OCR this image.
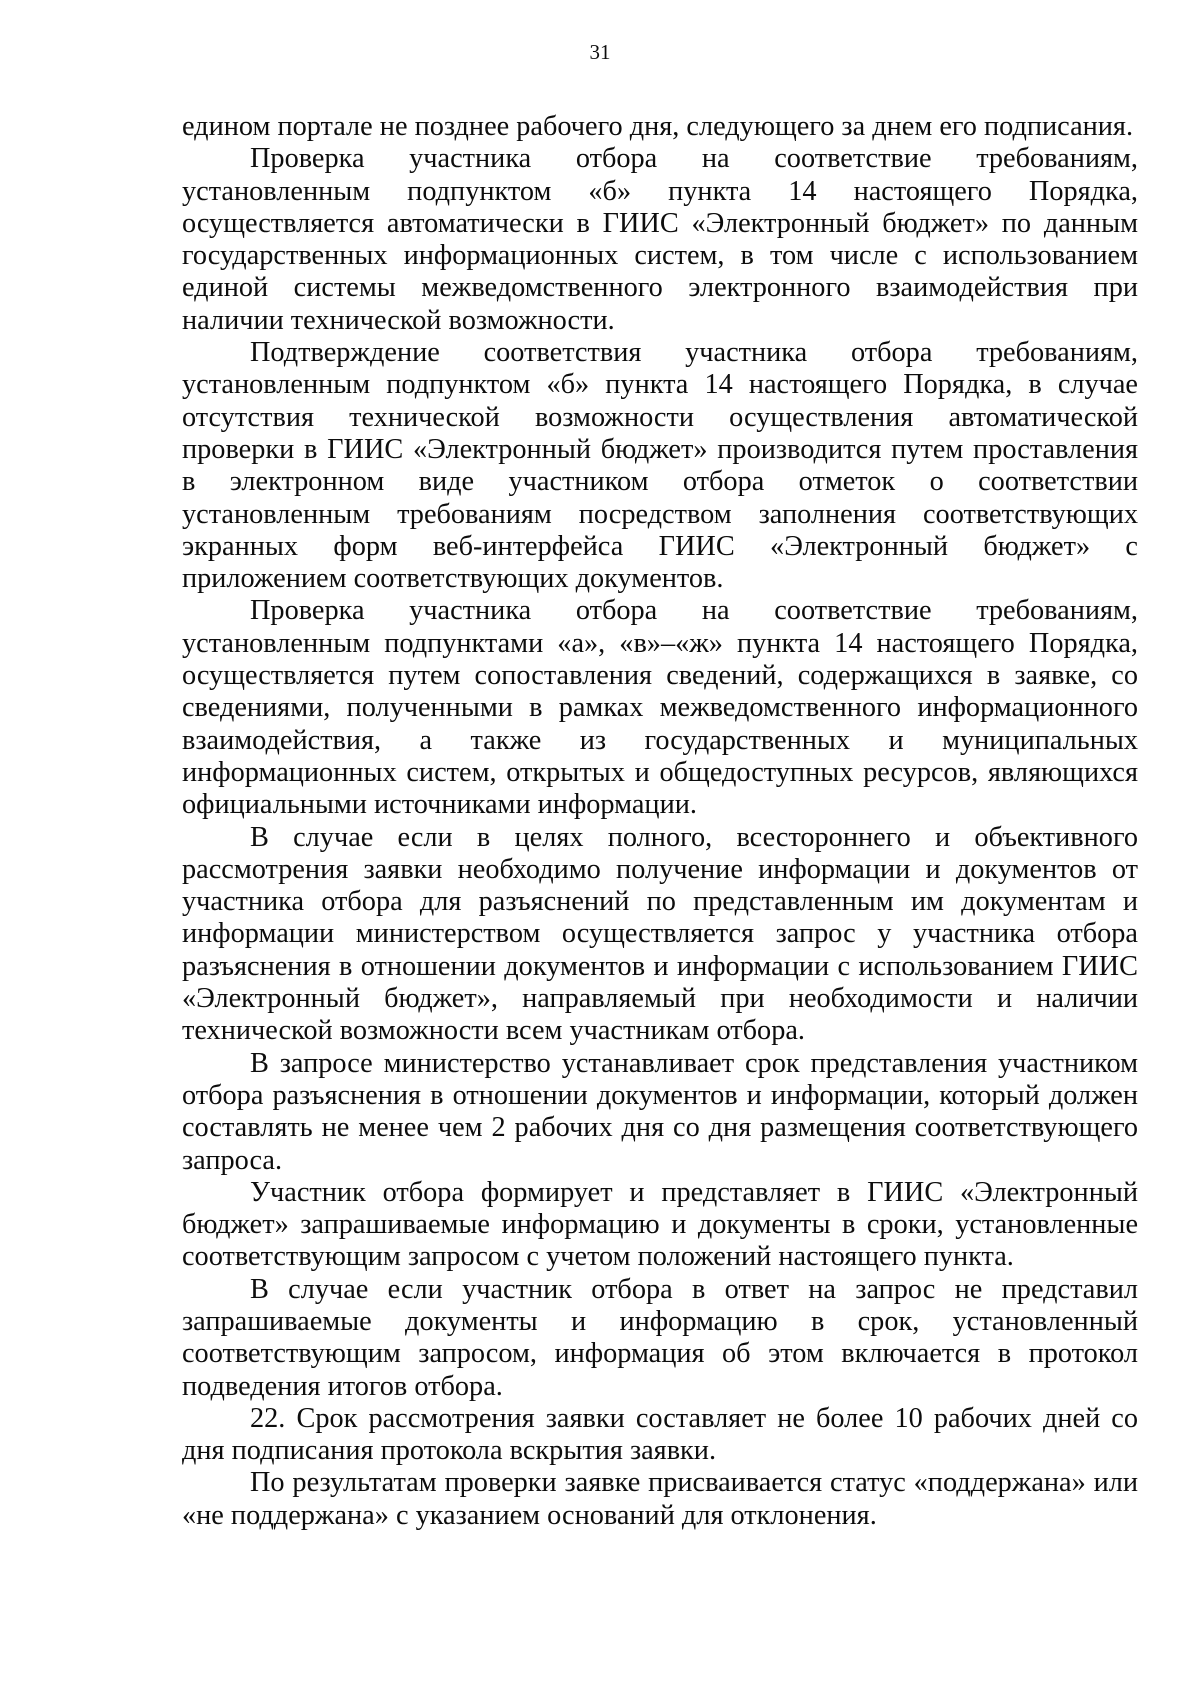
31

едином портале не позднее рабочего дня, следующего за днем его подписания.

Проверка участника отбора на соответствие требованиям, установленным подпунктом «б» пункта 14 настоящего Порядка, осуществляется автоматически в ГИИС «Электронный бюджет» по данным государственных информационных систем, в том числе с использованием единой системы межведомственного электронного взаимодействия при наличии технической возможности.

Подтверждение соответствия участника отбора требованиям, установленным подпунктом «б» пункта 14 настоящего Порядка, в случае отсутствия технической возможности осуществления автоматической проверки в ГИИС «Электронный бюджет» производится путем проставления в электронном виде участником отбора отметок о соответствии установленным требованиям посредством заполнения соответствующих экранных форм веб-интерфейса ГИИС «Электронный бюджет» с приложением соответствующих документов.

Проверка участника отбора на соответствие требованиям, установленным подпунктами «а», «в»–«ж» пункта 14 настоящего Порядка, осуществляется путем сопоставления сведений, содержащихся в заявке, со сведениями, полученными в рамках межведомственного информационного взаимодействия, а также из государственных и муниципальных информационных систем, открытых и общедоступных ресурсов, являющихся официальными источниками информации.

В случае если в целях полного, всестороннего и объективного рассмотрения заявки необходимо получение информации и документов от участника отбора для разъяснений по представленным им документам и информации министерством осуществляется запрос у участника отбора разъяснения в отношении документов и информации с использованием ГИИС «Электронный бюджет», направляемый при необходимости и наличии технической возможности всем участникам отбора.

В запросе министерство устанавливает срок представления участником отбора разъяснения в отношении документов и информации, который должен составлять не менее чем 2 рабочих дня со дня размещения соответствующего запроса.

Участник отбора формирует и представляет в ГИИС «Электронный бюджет» запрашиваемые информацию и документы в сроки, установленные соответствующим запросом с учетом положений настоящего пункта.

В случае если участник отбора в ответ на запрос не представил запрашиваемые документы и информацию в срок, установленный соответствующим запросом, информация об этом включается в протокол подведения итогов отбора.

22. Срок рассмотрения заявки составляет не более 10 рабочих дней со дня подписания протокола вскрытия заявки.

По результатам проверки заявке присваивается статус «поддержана» или «не поддержана» с указанием оснований для отклонения.
